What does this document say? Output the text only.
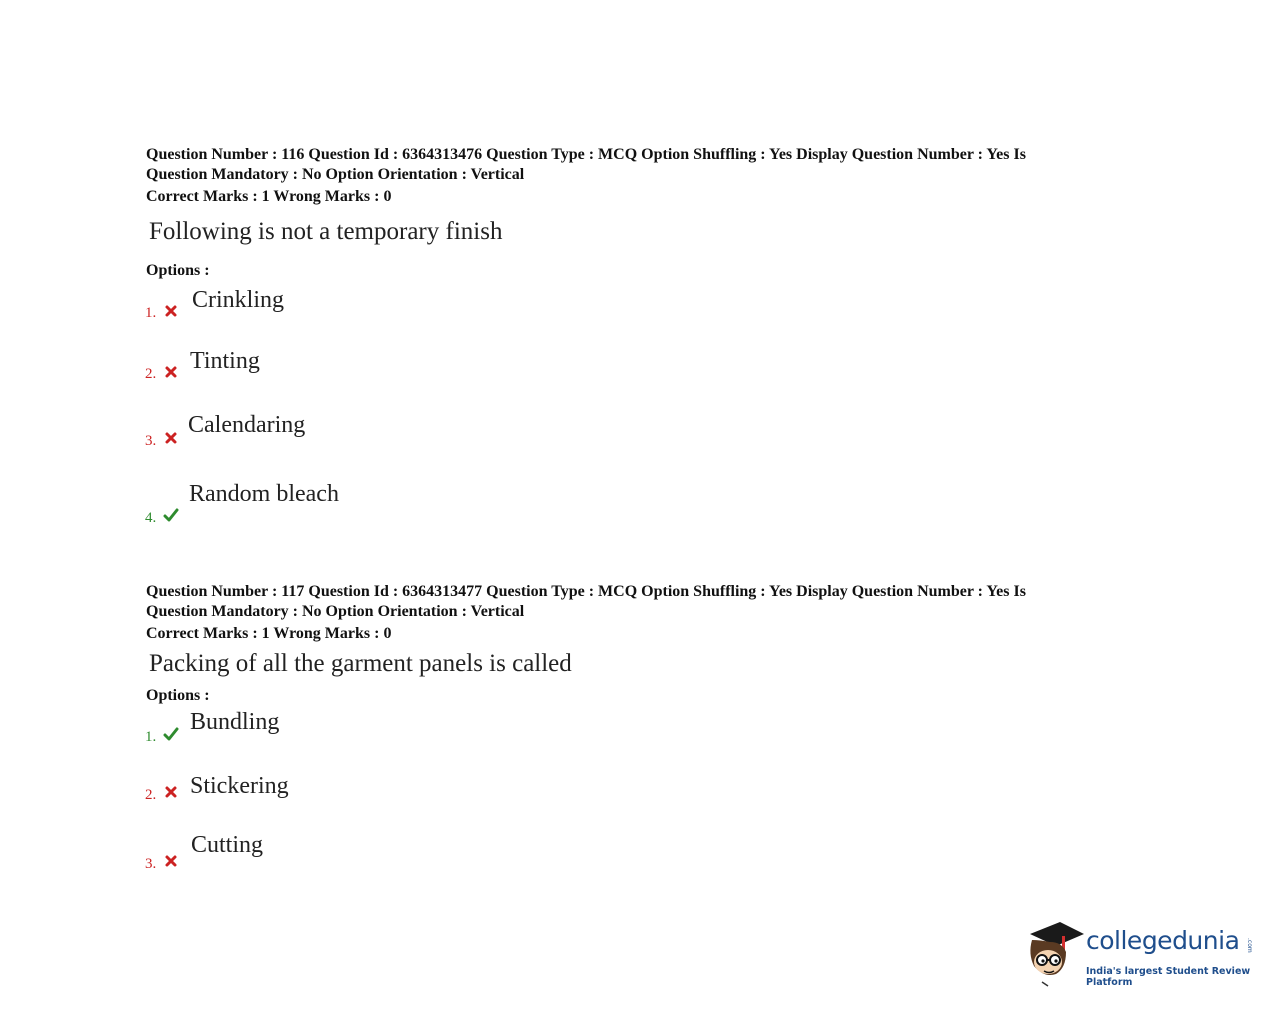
Question Number : 116 Question Id : 6364313476 Question Type : MCQ Option Shuffling : Yes Display Question Number : Yes Is
Question Mandatory : No Option Orientation : Vertical
Correct Marks : 1 Wrong Marks : 0
Following is not a temporary finish
Options :
1. Crinkling
2. Tinting
3.
Calendaring
4.
Random bleach
Question Number : 117 Question Id : 6364313477 Question Type : MCQ Option Shuffling : Yes Display Question Number : Yes Is
Question Mandatory : No Option Orientation : Vertical
Correct Marks : 1 Wrong Marks : 0
Packing of all the garment panels is called
Options :
1.
Bundling
2. Stickering
3.
Cutting
collegedunia .com
India's largest Student Review Platform
